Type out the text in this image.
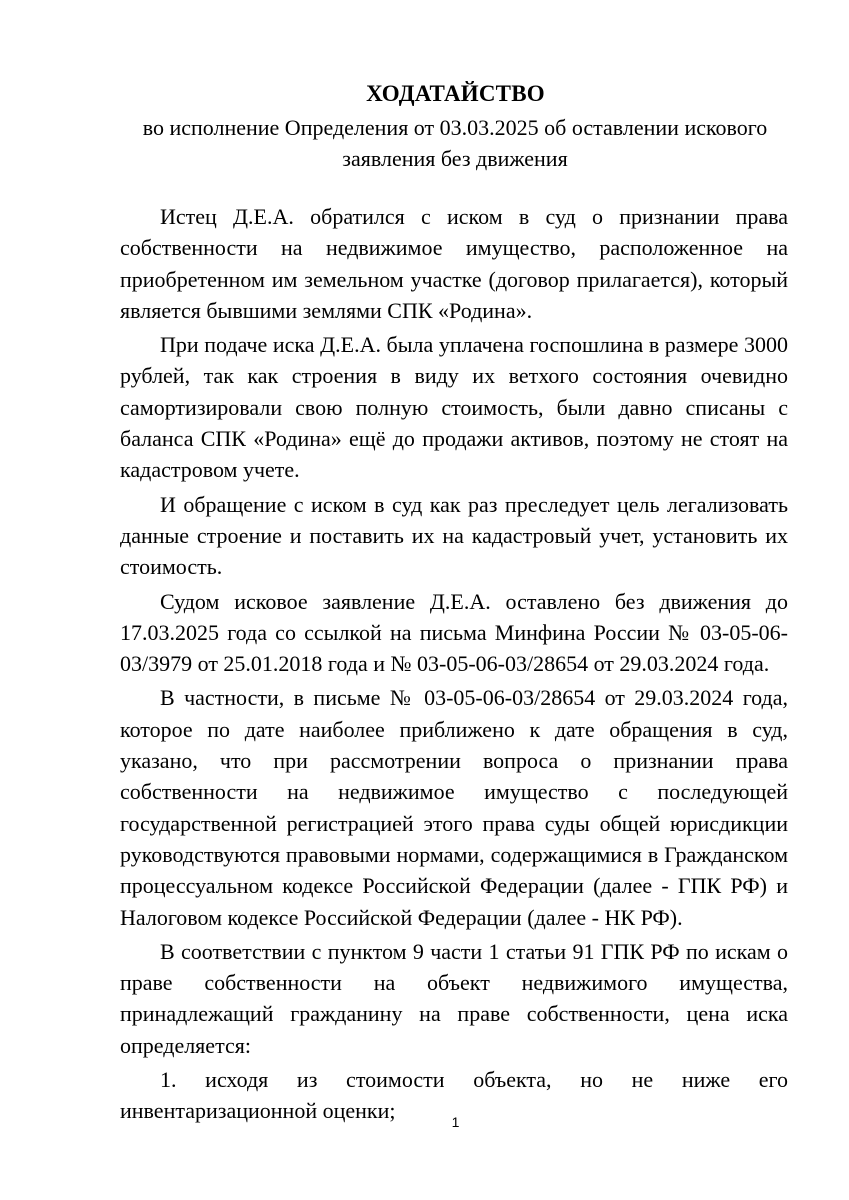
ХОДАТАЙСТВО
во исполнение Определения от 03.03.2025 об оставлении искового
заявления без движения

Истец Д.Е.А. обратился с иском в суд о признании права собственности на недвижимое имущество, расположенное на приобретенном им земельном участке (договор прилагается), который является бывшими землями СПК «Родина».

При подаче иска Д.Е.А. была уплачена госпошлина в размере 3000 рублей, так как строения в виду их ветхого состояния очевидно самортизировали свою полную стоимость, были давно списаны с баланса СПК «Родина» ещё до продажи активов, поэтому не стоят на кадастровом учете.

И обращение с иском в суд как раз преследует цель легализовать данные строение и поставить их на кадастровый учет, установить их стоимость.

Судом исковое заявление Д.Е.А. оставлено без движения до 17.03.2025 года со ссылкой на письма Минфина России № 03-05-06-03/3979 от 25.01.2018 года и № 03-05-06-03/28654 от 29.03.2024 года.

В частности, в письме № 03-05-06-03/28654 от 29.03.2024 года, которое по дате наиболее приближено к дате обращения в суд, указано, что при рассмотрении вопроса о признании права собственности на недвижимое имущество с последующей государственной регистрацией этого права суды общей юрисдикции руководствуются правовыми нормами, содержащимися в Гражданском процессуальном кодексе Российской Федерации (далее - ГПК РФ) и Налоговом кодексе Российской Федерации (далее - НК РФ).

В соответствии с пунктом 9 части 1 статьи 91 ГПК РФ по искам о праве собственности на объект недвижимого имущества, принадлежащий гражданину на праве собственности, цена иска определяется:

1. исходя из стоимости объекта, но не ниже его инвентаризационной оценки;	1
